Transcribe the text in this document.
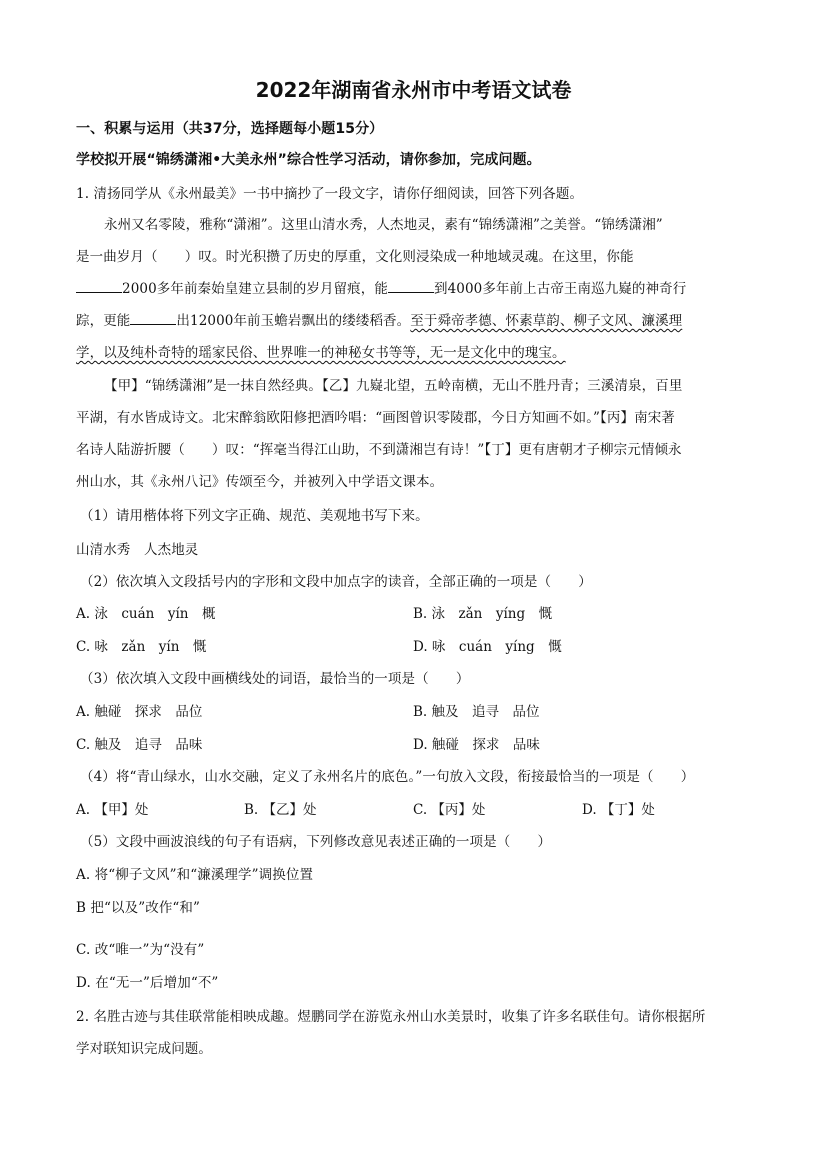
2022年湖南省永州市中考语文试卷
一、积累与运用（共37分，选择题每小题15分）
学校拟开展“锦绣潇湘•大美永州”综合性学习活动，请你参加，完成问题。
1. 清扬同学从《永州最美》一书中摘抄了一段文字，请你仔细阅读，回答下列各题。
永州又名零陵，雅称“潇湘”。这里山清水秀，人杰地灵，素有“锦绣潇湘”之美誉。“锦绣潇湘”
是一曲岁月（　　）叹。时光积攒了历史的厚重，文化则浸染成一种地域灵魂。在这里，你能
2000多年前秦始皇建立县制的岁月留痕，能	到4000多年前上古帝王南巡九嶷的神奇行
踪，更能	出12000年前玉蟾岩飘出的缕缕稻香。至于舜帝孝德、怀素草韵、柳子文风、濂溪理
学，以及纯朴奇特的瑶家民俗、世界唯一的神秘女书等等，无一是文化中的瑰宝。
【甲】“锦绣潇湘”是一抹自然经典。【乙】九嶷北望，五岭南横，无山不胜丹青；三溪清泉，百里
平湖，有水皆成诗文。北宋醉翁欧阳修把酒吟唱：“画图曾识零陵郡，今日方知画不如。”【丙】南宋著
名诗人陆游折腰（　　）叹：“挥毫当得江山助，不到潇湘岂有诗！”【丁】更有唐朝才子柳宗元情倾永
州山水，其《永州八记》传颂至今，并被列入中学语文课本。
（1）请用楷体将下列文字正确、规范、美观地书写下来。
山清水秀　人杰地灵
（2）依次填入文段括号内的字形和文段中加点字的读音，全部正确的一项是（　　）
A. 泳　cuán　yín　概	B. 泳　zǎn　yíng　慨
C. 咏　zǎn　yín　慨	D. 咏　cuán　yíng　慨
（3）依次填入文段中画横线处的词语，最恰当的一项是（　　）
A. 触碰　探求　品位	B. 触及　追寻　品位
C. 触及　追寻　品味	D. 触碰　探求　品味
（4）将“青山绿水，山水交融，定义了永州名片的底色。”一句放入文段，衔接最恰当的一项是（　　）
A. 【甲】处	B. 【乙】处	C. 【丙】处	D. 【丁】处
（5）文段中画波浪线的句子有语病，下列修改意见表述正确的一项是（　　）
A. 将“柳子文风”和“濂溪理学”调换位置
B 把“以及”改作“和”
C. 改“唯一”为“没有”
D. 在“无一”后增加“不”
2. 名胜古迹与其佳联常能相映成趣。煜鹏同学在游览永州山水美景时，收集了许多名联佳句。请你根据所
学对联知识完成问题。
